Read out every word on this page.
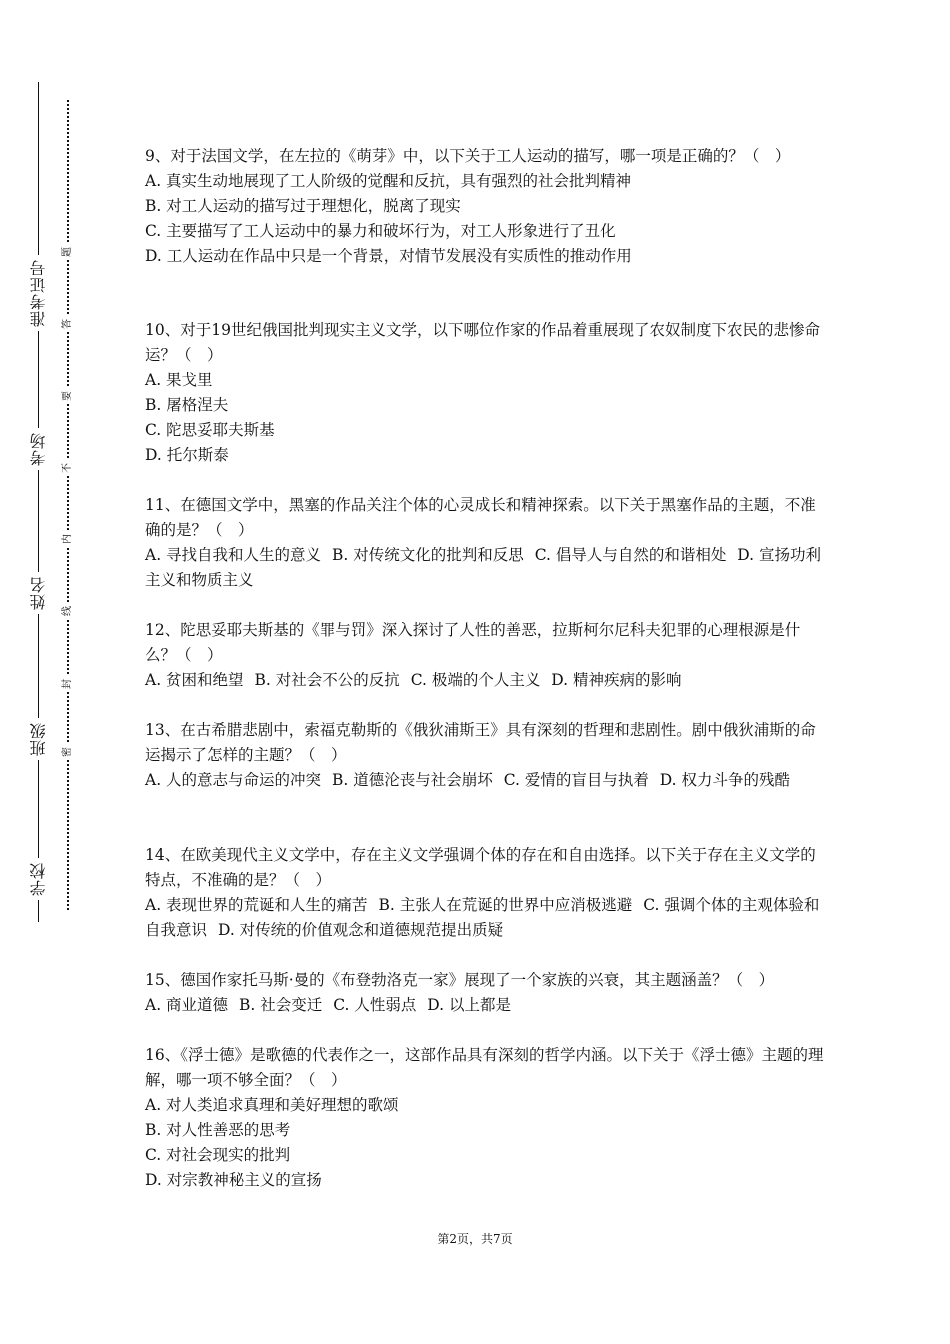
学校
班级
姓名
考场
准考证号
密
封
线
内
不
要
答
题

9、对于法国文学，在左拉的《萌芽》中，以下关于工人运动的描写，哪一项是正确的？（　）

A. 真实生动地展现了工人阶级的觉醒和反抗，具有强烈的社会批判精神

B. 对工人运动的描写过于理想化，脱离了现实

C. 主要描写了工人运动中的暴力和破坏行为，对工人形象进行了丑化

D. 工人运动在作品中只是一个背景，对情节发展没有实质性的推动作用

10、对于19世纪俄国批判现实主义文学，以下哪位作家的作品着重展现了农奴制度下农民的悲惨命运？（　）

A. 果戈里

B. 屠格涅夫

C. 陀思妥耶夫斯基

D. 托尔斯泰

11、在德国文学中，黑塞的作品关注个体的心灵成长和精神探索。以下关于黑塞作品的主题，不准确的是？（　）

A. 寻找自我和人生的意义 B. 对传统文化的批判和反思 C. 倡导人与自然的和谐相处 D. 宣扬功利主义和物质主义

12、陀思妥耶夫斯基的《罪与罚》深入探讨了人性的善恶，拉斯柯尔尼科夫犯罪的心理根源是什么？（　）

A. 贫困和绝望 B. 对社会不公的反抗 C. 极端的个人主义 D. 精神疾病的影响

13、在古希腊悲剧中，索福克勒斯的《俄狄浦斯王》具有深刻的哲理和悲剧性。剧中俄狄浦斯的命运揭示了怎样的主题？（　）

A. 人的意志与命运的冲突 B. 道德沦丧与社会崩坏 C. 爱情的盲目与执着 D. 权力斗争的残酷

14、在欧美现代主义文学中，存在主义文学强调个体的存在和自由选择。以下关于存在主义文学的特点，不准确的是？（　）

A. 表现世界的荒诞和人生的痛苦 B. 主张人在荒诞的世界中应消极逃避 C. 强调个体的主观体验和自我意识 D. 对传统的价值观念和道德规范提出质疑

15、德国作家托马斯·曼的《布登勃洛克一家》展现了一个家族的兴衰，其主题涵盖？（　）

A. 商业道德 B. 社会变迁 C. 人性弱点 D. 以上都是

16、《浮士德》是歌德的代表作之一，这部作品具有深刻的哲学内涵。以下关于《浮士德》主题的理解，哪一项不够全面？（　）

A. 对人类追求真理和美好理想的歌颂

B. 对人性善恶的思考

C. 对社会现实的批判

D. 对宗教神秘主义的宣扬

第2页，共7页
